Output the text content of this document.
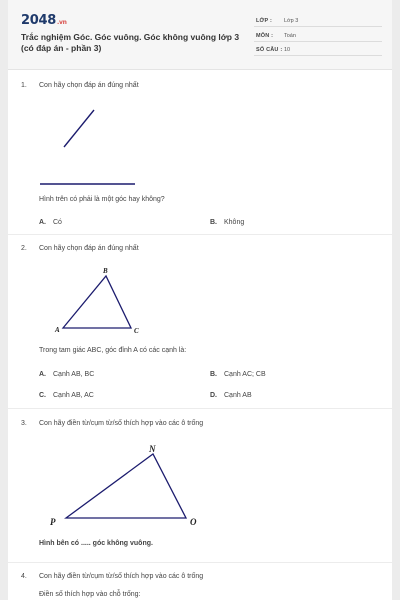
2048.vn
Trắc nghiệm Góc. Góc vuông. Góc không vuông lớp 3 (có đáp án - phần 3)
LỚP : Lớp 3
MÔN : Toán
SỐ CÂU : 10
1. Con hãy chọn đáp án đúng nhất
Hình trên có phải là một góc hay không?
A. Có	B. Không
2. Con hãy chọn đáp án đúng nhất
B
A	C
Trong tam giác ABC, góc đỉnh A có các cạnh là:
A. Cạnh AB, BC	B. Cạnh AC; CB
C. Cạnh AB, AC	D. Cạnh AB
3. Con hãy điền từ/cụm từ/số thích hợp vào các ô trống
N
P	O
Hình bên có ..... góc không vuông.
4. Con hãy điền từ/cụm từ/số thích hợp vào các ô trống
Điền số thích hợp vào chỗ trống:
